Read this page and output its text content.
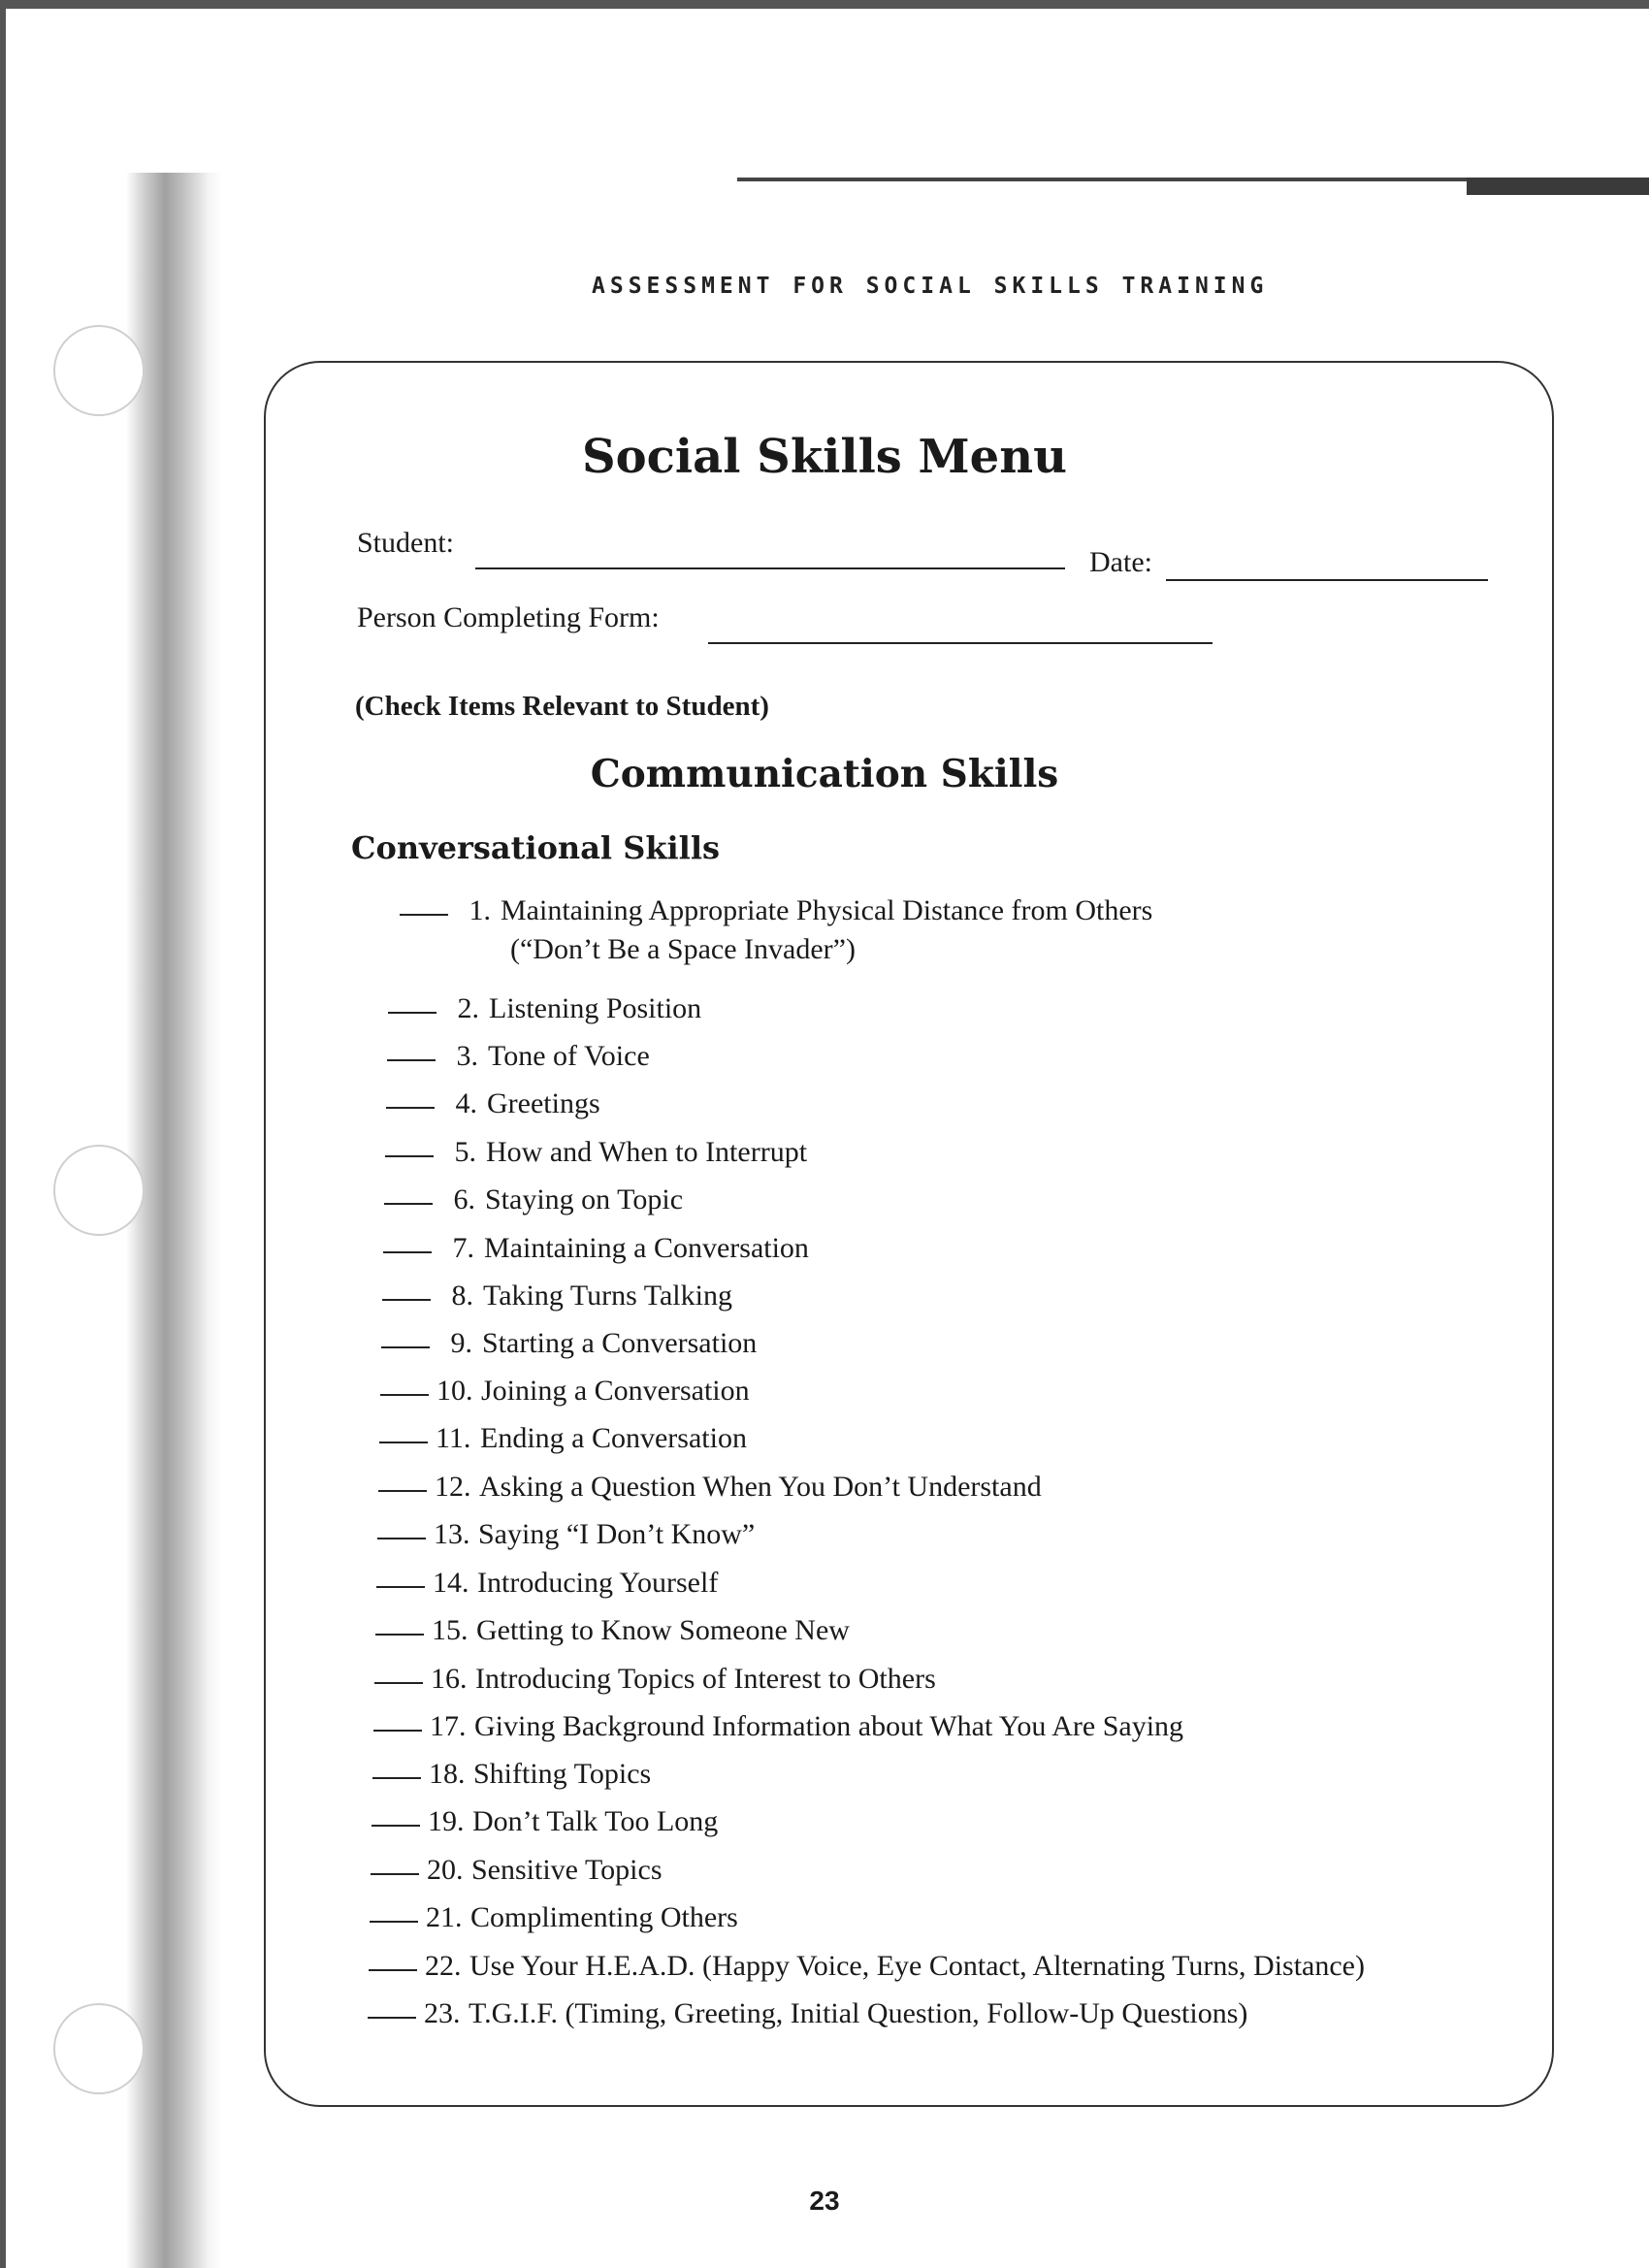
ASSESSMENT FOR SOCIAL SKILLS TRAINING
Social Skills Menu
Student:
Date:
Person Completing Form:
(Check Items Relevant to Student)
Communication Skills
Conversational Skills
1. Maintaining Appropriate Physical Distance from Others
(“Don’t Be a Space Invader”)
2. Listening Position
3. Tone of Voice
4. Greetings
5. How and When to Interrupt
6. Staying on Topic
7. Maintaining a Conversation
8. Taking Turns Talking
9. Starting a Conversation
10. Joining a Conversation
11. Ending a Conversation
12. Asking a Question When You Don’t Understand
13. Saying “I Don’t Know”
14. Introducing Yourself
15. Getting to Know Someone New
16. Introducing Topics of Interest to Others
17. Giving Background Information about What You Are Saying
18. Shifting Topics
19. Don’t Talk Too Long
20. Sensitive Topics
21. Complimenting Others
22. Use Your H.E.A.D. (Happy Voice, Eye Contact, Alternating Turns, Distance)
23. T.G.I.F. (Timing, Greeting, Initial Question, Follow-Up Questions)
23
